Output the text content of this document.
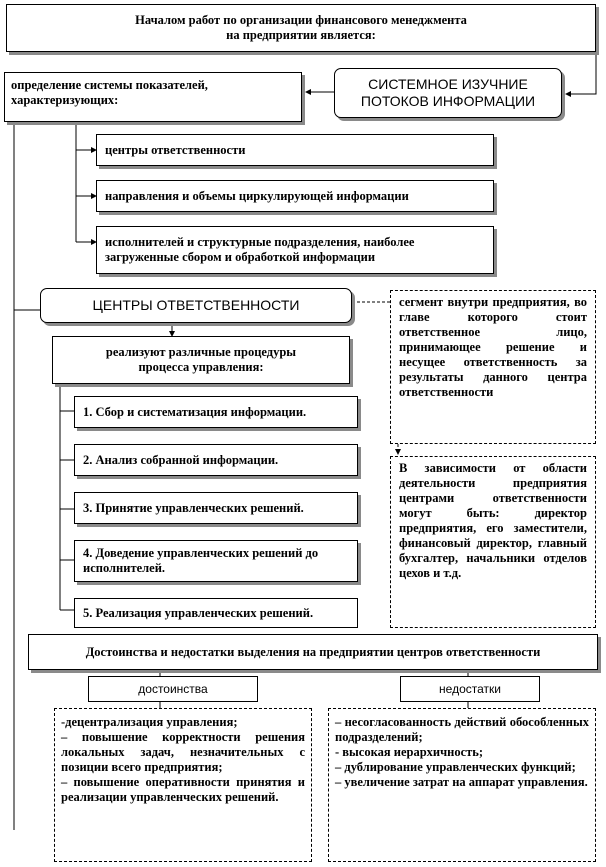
Началом работ по организации финансового менеджмента
на предприятии является:
определение системы показателей,
характеризующих:
СИСТЕМНОЕ ИЗУЧНИЕ
ПОТОКОВ ИНФОРМАЦИИ
центры ответственности
направления и объемы циркулирующей информации
исполнителей и структурные подразделения, наиболее загруженные сбором и обработкой информации
ЦЕНТРЫ ОТВЕТСТВЕННОСТИ	сегмент внутри предприятия, во главе которого стоит ответственное лицо, принимающее решение и несущее ответственность за результаты данного центра ответственности
реализуют различные процедуры
процесса управления:
1. Сбор и систематизация информации.
2. Анализ собранной информации.
3. Принятие управленческих решений.
4. Доведение управленческих решений до исполнителей.
5. Реализация управленческих решений.
В зависимости от области деятельности предприятия центрами ответственности могут быть: директор предприятия, его заместители, финансовый директор, главный бухгалтер, начальники отделов цехов и т.д.
Достоинства и недостатки выделения на предприятии центров ответственности
достоинства	недостатки
-децентрализация управления;
– повышение корректности решения локальных задач, незначительных с позиции всего предприятия;
– повышение оперативности принятия и реализации управленческих решений.
– несогласованность действий обособленных подразделений;
- высокая иерархичность;
– дублирование управленческих функций;
– увеличение затрат на аппарат управления.
